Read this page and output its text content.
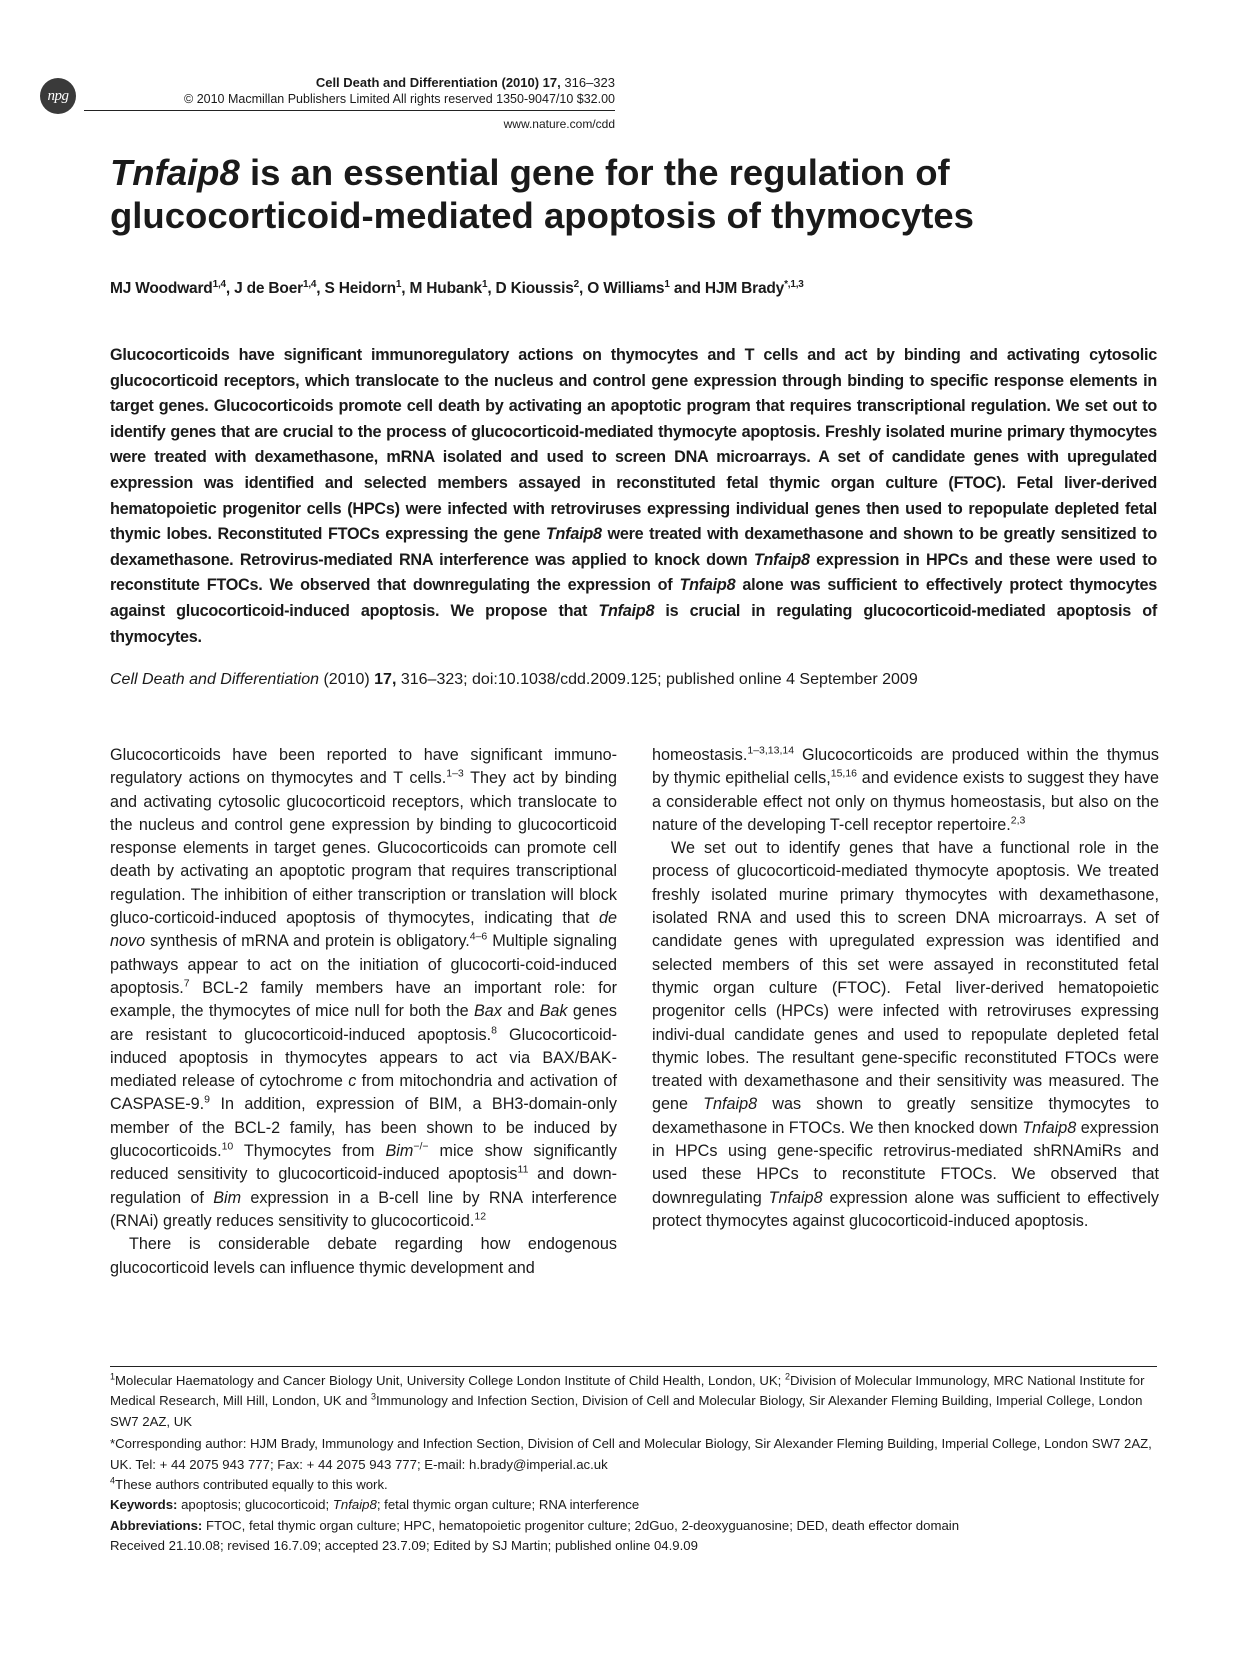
npg
Cell Death and Differentiation (2010) 17, 316–323
© 2010 Macmillan Publishers Limited All rights reserved 1350-9047/10 $32.00
www.nature.com/cdd
Tnfaip8 is an essential gene for the regulation of
glucocorticoid-mediated apoptosis of thymocytes
MJ Woodward$^{1,4}$, J de Boer$^{1,4}$, S Heidorn$^1$, M Hubank$^1$, D Kioussis$^2$, O Williams$^1$ and HJM Brady$^{*,1,3}$

Glucocorticoids have significant immunoregulatory actions on thymocytes and T cells and act by binding and activating cytosolic glucocorticoid receptors, which translocate to the nucleus and control gene expression through binding to specific response elements in target genes. Glucocorticoids promote cell death by activating an apoptotic program that requires transcriptional regulation. We set out to identify genes that are crucial to the process of glucocorticoid-mediated thymocyte apoptosis. Freshly isolated murine primary thymocytes were treated with dexamethasone, mRNA isolated and used to screen DNA microarrays. A set of candidate genes with upregulated expression was identified and selected members assayed in reconstituted fetal thymic organ culture (FTOC). Fetal liver-derived hematopoietic progenitor cells (HPCs) were infected with retroviruses expressing individual genes then used to repopulate depleted fetal thymic lobes. Reconstituted FTOCs expressing the gene Tnfaip8 were treated with dexamethasone and shown to be greatly sensitized to dexamethasone. Retrovirus-mediated RNA interference was applied to knock down Tnfaip8 expression in HPCs and these were used to reconstitute FTOCs. We observed that downregulating the expression of Tnfaip8 alone was sufficient to effectively protect thymocytes against glucocorticoid-induced apoptosis. We propose that Tnfaip8 is crucial in regulating glucocorticoid-mediated apoptosis of thymocytes.

Cell Death and Differentiation (2010) 17, 316–323; doi:10.1038/cdd.2009.125; published online 4 September 2009

Glucocorticoids have been reported to have significant immuno-regulatory actions on thymocytes and T cells.$^{1-3}$ They act by binding and activating cytosolic glucocorticoid receptors, which translocate to the nucleus and control gene expression by binding to glucocorticoid response elements in target genes. Glucocorticoids can promote cell death by activating an apoptotic program that requires transcriptional regulation. The inhibition of either transcription or translation will block gluco-corticoid-induced apoptosis of thymocytes, indicating that de novo synthesis of mRNA and protein is obligatory.$^{4-6}$ Multiple signaling pathways appear to act on the initiation of glucocorti-coid-induced apoptosis.$^7$ BCL-2 family members have an important role: for example, the thymocytes of mice null for both the Bax and Bak genes are resistant to glucocorticoid-induced apoptosis.$^8$ Glucocorticoid-induced apoptosis in thymocytes appears to act via BAX/BAK-mediated release of cytochrome c from mitochondria and activation of CASPASE-9.$^9$ In addition, expression of BIM, a BH3-domain-only member of the BCL-2 family, has been shown to be induced by glucocorticoids.$^{10}$ Thymocytes from Bim−/− mice show significantly reduced sensitivity to glucocorticoid-induced apoptosis$^{11}$ and down-regulation of Bim expression in a B-cell line by RNA interference (RNAi) greatly reduces sensitivity to glucocorticoid.$^{12}$

There is considerable debate regarding how endogenous glucocorticoid levels can influence thymic development and

homeostasis.$^{1-3,13,14}$ Glucocorticoids are produced within the thymus by thymic epithelial cells,$^{15,16}$ and evidence exists to suggest they have a considerable effect not only on thymus homeostasis, but also on the nature of the developing T-cell receptor repertoire.$^{2,3}$

We set out to identify genes that have a functional role in the process of glucocorticoid-mediated thymocyte apoptosis. We treated freshly isolated murine primary thymocytes with dexamethasone, isolated RNA and used this to screen DNA microarrays. A set of candidate genes with upregulated expression was identified and selected members of this set were assayed in reconstituted fetal thymic organ culture (FTOC). Fetal liver-derived hematopoietic progenitor cells (HPCs) were infected with retroviruses expressing indivi-dual candidate genes and used to repopulate depleted fetal thymic lobes. The resultant gene-specific reconstituted FTOCs were treated with dexamethasone and their sensitivity was measured. The gene Tnfaip8 was shown to greatly sensitize thymocytes to dexamethasone in FTOCs. We then knocked down Tnfaip8 expression in HPCs using gene-specific retrovirus-mediated shRNAmiRs and used these HPCs to reconstitute FTOCs. We observed that downregulating Tnfaip8 expression alone was sufficient to effectively protect thymocytes against glucocorticoid-induced apoptosis.

$^1$Molecular Haematology and Cancer Biology Unit, University College London Institute of Child Health, London, UK; $^2$Division of Molecular Immunology, MRC National Institute for Medical Research, Mill Hill, London, UK and $^3$Immunology and Infection Section, Division of Cell and Molecular Biology, Sir Alexander Fleming Building, Imperial College, London SW7 2AZ, UK

*Corresponding author: HJM Brady, Immunology and Infection Section, Division of Cell and Molecular Biology, Sir Alexander Fleming Building, Imperial College, London SW7 2AZ, UK. Tel: + 44 2075 943 777; Fax: + 44 2075 943 777; E-mail: h.brady@imperial.ac.uk

$^4$These authors contributed equally to this work.

Keywords: apoptosis; glucocorticoid; Tnfaip8; fetal thymic organ culture; RNA interference

Abbreviations: FTOC, fetal thymic organ culture; HPC, hematopoietic progenitor culture; 2dGuo, 2-deoxyguanosine; DED, death effector domain

Received 21.10.08; revised 16.7.09; accepted 23.7.09; Edited by SJ Martin; published online 04.9.09
